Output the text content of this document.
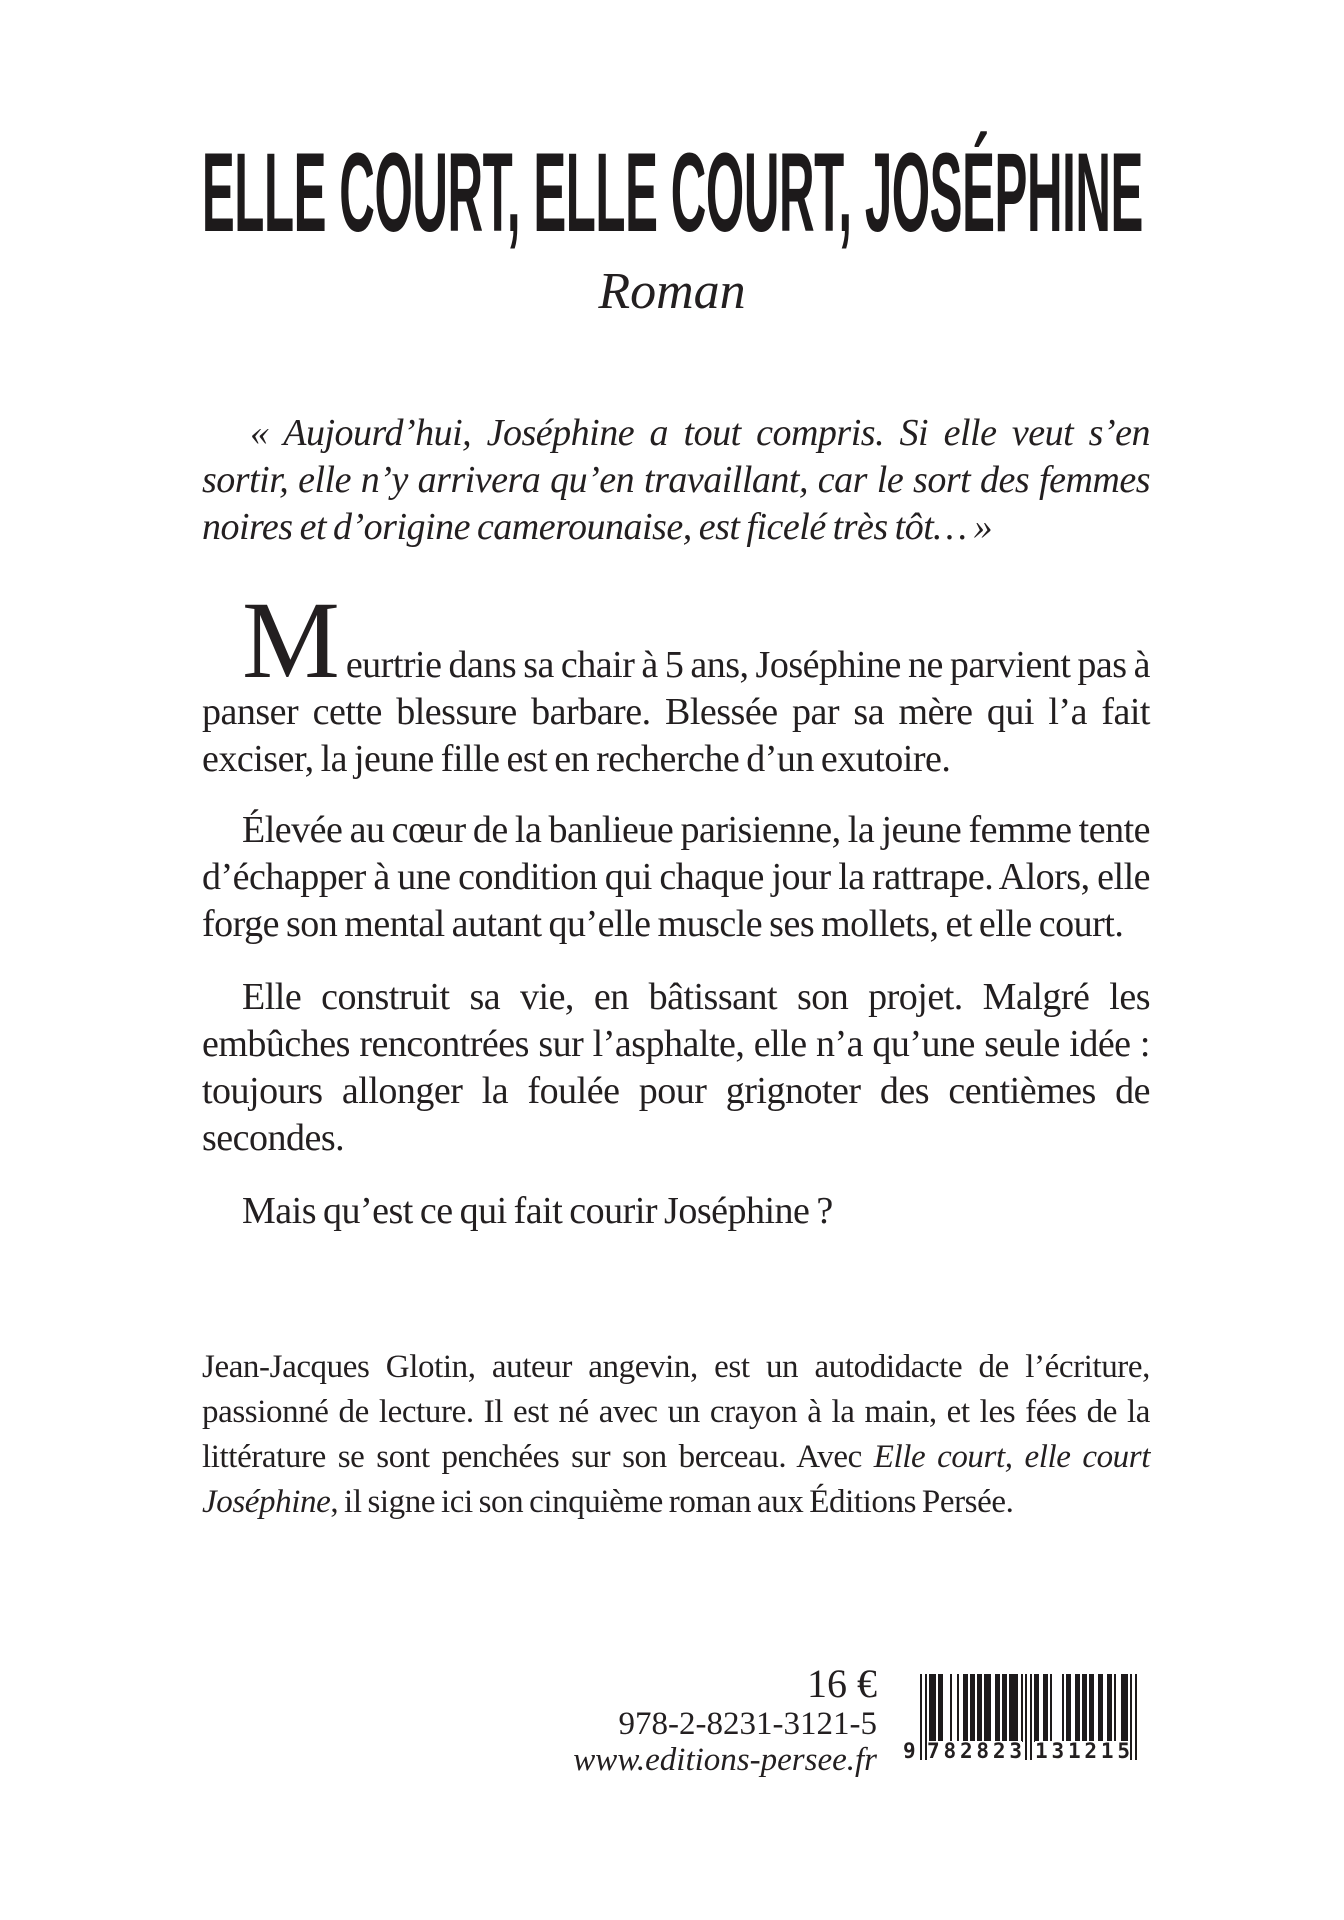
ELLE COURT, ELLE COURT, JOSÉPHINE

Roman

« Aujourd’hui, Joséphine a tout compris. Si elle veut s’en sortir, elle n’y arrivera qu’en travaillant, car le sort des femmes noires et d’origine camerounaise, est ficelé très tôt… »

Meurtrie dans sa chair à 5 ans, Joséphine ne parvient pas à panser cette blessure barbare. Blessée par sa mère qui l’a fait exciser, la jeune fille est en recherche d’un exutoire.

Élevée au cœur de la banlieue parisienne, la jeune femme tente d’échapper à une condition qui chaque jour la rattrape. Alors, elle forge son mental autant qu’elle muscle ses mollets, et elle court.

Elle construit sa vie, en bâtissant son projet. Malgré les embûches rencontrées sur l’asphalte, elle n’a qu’une seule idée : toujours allonger la foulée pour grignoter des centièmes de secondes.

Mais qu’est ce qui fait courir Joséphine ?

Jean-Jacques Glotin, auteur angevin, est un autodidacte de l’écriture, passionné de lecture. Il est né avec un crayon à la main, et les fées de la littérature se sont penchées sur son berceau. Avec Elle court, elle court Joséphine, il signe ici son cinquième roman aux Éditions Persée.

16 €

978-2-8231-3121-5

www.editions-persee.fr 9 7 8 2 8 2 3 1 3 1 2 1 5
